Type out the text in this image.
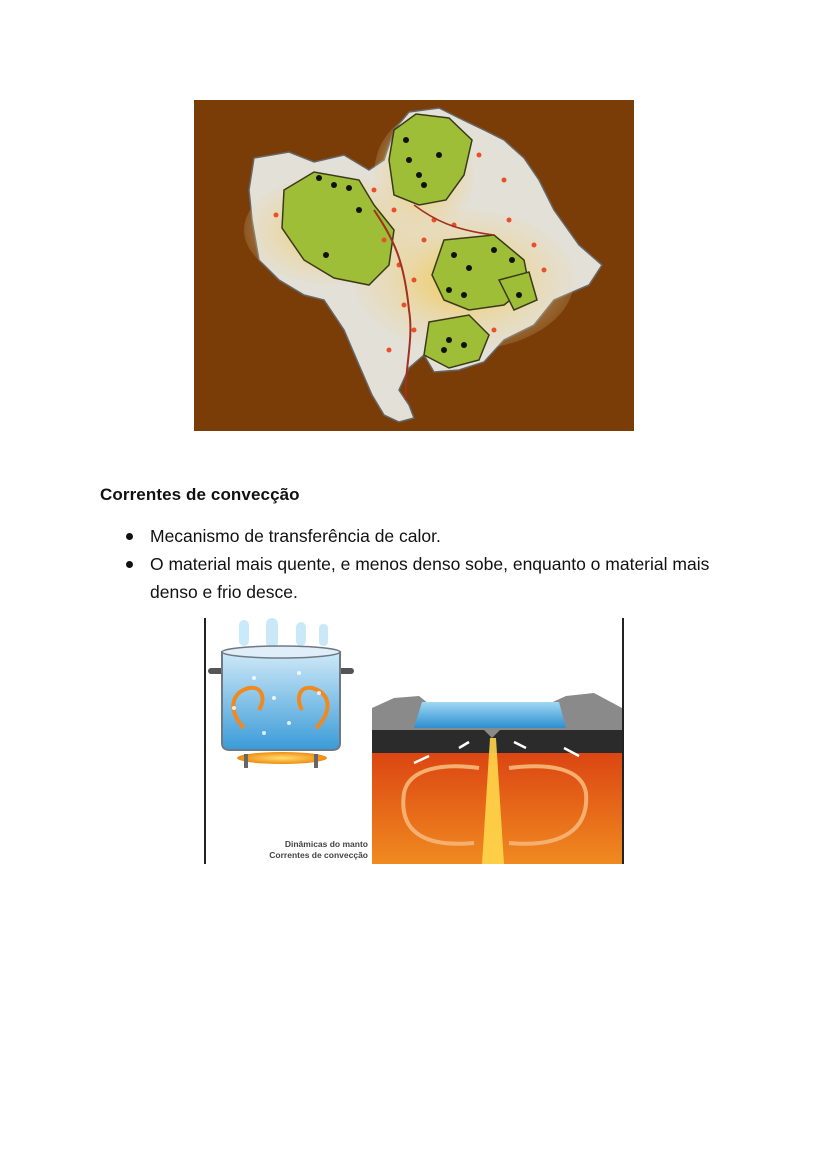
Correntes de convecção
Mecanismo de transferência de calor.
O material mais quente, e menos denso sobe, enquanto o material mais denso e frio desce.
Dinâmicas do manto
Correntes de convecção
